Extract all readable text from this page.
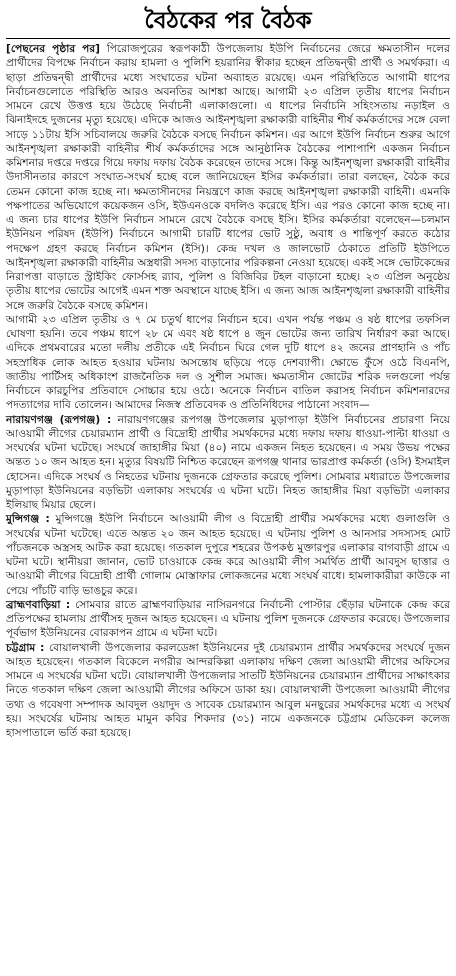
বৈঠকের পর বৈঠক

[পেছনের পৃষ্ঠার পর] পিরোজপুরের স্বরূপকাঠী উপজেলায় ইউপি নির্বাচনের জেরে ক্ষমতাসীন দলের প্রার্থীদের বিপক্ষে নির্বাচন করায় হামলা ও পুলিশি হয়রানির স্বীকার হচ্ছেন প্রতিদ্বন্দ্বী প্রার্থী ও সমর্থকরা। এ ছাড়া প্রতিদ্বন্দ্বী প্রার্থীদের মধ্যে সংঘাতের ঘটনা অব্যাহত রয়েছে। এমন পরিস্থিতিতে আগামী ধাপের নির্বাচনগুলোতে পরিস্থিতি আরও অবনতির আশঙ্কা আছে। আগামী ২৩ এপ্রিল তৃতীয় ধাপের নির্বাচন সামনে রেখে উত্তপ্ত হয়ে উঠেছে নির্বাচনী এলাকাগুলো। এ ধাপের নির্বাচনি সহিংসতায় নড়াইল ও ঝিনাইদহে দুজনের মৃত্যু হয়েছে। এদিকে আজও আইনশৃঙ্খলা রক্ষাকারী বাহিনীর শীর্ষ কর্মকর্তাদের সঙ্গে বেলা সাড়ে ১১টায় ইসি সচিবালয়ে জরুরি বৈঠকে বসছে নির্বাচন কমিশন। এর আগে ইউপি নির্বাচন শুরুর আগে আইনশৃঙ্খলা রক্ষাকারী বাহিনীর শীর্ষ কর্মকর্তাদের সঙ্গে আনুষ্ঠানিক বৈঠকের পাশাপাশি একজন নির্বাচন কমিশনার দপ্তরে দপ্তরে গিয়ে দফায় দফায় বৈঠক করেছেন তাদের সঙ্গে। কিন্তু আইনশৃঙ্খলা রক্ষাকারী বাহিনীর উদাসীনতার কারণে সংঘাত-সংঘর্ষ হচ্ছে বলে জানিয়েছেন ইসির কর্মকর্তারা। তারা বলছেন, বৈঠক করে তেমন কোনো কাজ হচ্ছে না। ক্ষমতাসীনদের নিয়ন্ত্রণে কাজ করছে আইনশৃঙ্খলা রক্ষাকারী বাহিনী। এমনকি পক্ষপাতের অভিযোগে কয়েকজন ওসি, ইউএনওকে বদলিও করেছে ইসি। এর পরও কোনো কাজ হচ্ছে না। এ জন্য চার ধাপের ইউপি নির্বাচন সামনে রেখে বৈঠকে বসছে ইসি। ইসির কর্মকর্তারা বলেছেন—চলমান ইউনিয়ন পরিষদ (ইউপি) নির্বাচনে আগামী চারটি ধাপের ভোট সুষ্ঠু, অবাধ ও শান্তিপূর্ণ করতে কঠোর পদক্ষেপ গ্রহণ করছে নির্বাচন কমিশন (ইসি)। কেন্দ্র দখল ও জালভোট ঠেকাতে প্রতিটি ইউপিতে আইনশৃঙ্খলা রক্ষাকারী বাহিনীর অস্ত্রধারী সদস্য বাড়ানোর পরিকল্পনা নেওয়া হয়েছে। একই সঙ্গে ভোটকেন্দ্রের নিরাপত্তা বাড়াতে স্ট্রাইকিং ফোর্সসহ র‍্যাব, পুলিশ ও বিজিবির টহল বাড়ানো হচ্ছে। ২৩ এপ্রিল অনুষ্ঠেয় তৃতীয় ধাপের ভোটের আগেই এমন শক্ত অবস্থানে যাচ্ছে ইসি। এ জন্য আজ আইনশৃঙ্খলা রক্ষাকারী বাহিনীর সঙ্গে জরুরি বৈঠকে বসছে কমিশন।

আগামী ২৩ এপ্রিল তৃতীয় ও ৭ মে চতুর্থ ধাপের নির্বাচন হবে। এখন পর্যন্ত পঞ্চম ও ষষ্ঠ ধাপের তফসিল ঘোষণা হয়নি। তবে পঞ্চম ধাপে ২৮ মে এবং ষষ্ঠ ধাপে ৪ জুন ভোটের জন্য তারিখ নির্ধারণ করা আছে। এদিকে প্রথমবারের মতো দলীয় প্রতীকে এই নির্বাচন ঘিরে গেল দুটি ধাপে ৪২ জনের প্রাণহানি ও পাঁচ সহস্রাধিক লোক আহত হওয়ার ঘটনায় অসন্তোষ ছড়িয়ে পড়ে দেশব্যাপী। ক্ষোভে ফুঁসে ওঠে বিএনপি, জাতীয় পার্টিসহ অধিকাংশ রাজনৈতিক দল ও সুশীল সমাজ। ক্ষমতাসীন জোটের শরিক দলগুলো পর্যন্ত নির্বাচনে কারচুপির প্রতিবাদে সোচ্চার হয়ে ওঠে। অনেকে নির্বাচন বাতিল করাসহ নির্বাচন কমিশনারদের পদত্যাগের দাবি তোলেন। আমাদের নিজস্ব প্রতিবেদক ও প্রতিনিধিদের পাঠানো সংবাদ—

নারায়ণগঞ্জ (রূপগঞ্জ) : নারায়ণগঞ্জের রূপগঞ্জ উপজেলার মুড়াপাড়া ইউপি নির্বাচনের প্রচারণা নিয়ে আওয়ামী লীগের চেয়ারম্যান প্রার্থী ও বিদ্রোহী প্রার্থীর সমর্থকদের মধ্যে দফায় দফায় ধাওয়া-পাল্টা ধাওয়া ও সংঘর্ষের ঘটনা ঘটেছে। সংঘর্ষে জাহাঙ্গীর মিয়া (৪০) নামে একজন নিহত হয়েছেন। এ সময় উভয় পক্ষের অন্তত ১০ জন আহত হন। মৃত্যুর বিষয়টি নিশ্চিত করেছেন রূপগঞ্জ থানার ভারপ্রাপ্ত কর্মকর্তা (ওসি) ইসমাইল হোসেন। এদিকে সংঘর্ষ ও নিহতের ঘটনায় দুজনকে গ্রেফতার করেছে পুলিশ। সোমবার মধ্যরাতে উপজেলার মুড়াপাড়া ইউনিয়নের বড়ভিটা এলাকায় সংঘর্ষের এ ঘটনা ঘটে। নিহত জাহাঙ্গীর মিয়া বড়ভিটা এলাকার ইলিয়াছ মিয়ার ছেলে।

মুন্সিগঞ্জ : মুন্সিগঞ্জে ইউপি নির্বাচনে আওয়ামী লীগ ও বিদ্রোহী প্রার্থীর সমর্থকদের মধ্যে গুলাগুলি ও সংঘর্ষের ঘটনা ঘটেছে। এতে অন্তত ২০ জন আহত হয়েছে। এ ঘটনায় পুলিশ ও আনসার সদস্যসহ মোট পাঁচজনকে অস্ত্রসহ আটক করা হয়েছে। গতকাল দুপুরে শহরের উপকণ্ঠ মুক্তারপুর এলাকার বাগবাড়ী গ্রামে এ ঘটনা ঘটে। স্থানীয়রা জানান, ভোট চাওয়াকে কেন্দ্র করে আওয়ামী লীগ সমর্থিত প্রার্থী আবদুস ছাত্তার ও আওয়ামী লীগের বিদ্রোহী প্রার্থী গোলাম মোস্তাফার লোকজনের মধ্যে সংঘর্ষ বাধে। হামলাকারীরা কাউকে না পেয়ে পাঁচটি বাড়ি ভাঙচুর করে।

ব্রাহ্মণবাড়িয়া : সোমবার রাতে ব্রাহ্মণবাড়িয়ার নাসিরনগরে নির্বাচনী পোস্টার ছেঁড়ার ঘটনাকে কেন্দ্র করে প্রতিপক্ষের হামলায় প্রার্থীসহ দুজন আহত হয়েছেন। এ ঘটনায় পুলিশ দুজনকে গ্রেফতার করেছে। উপজেলার পূর্বভাগ ইউনিয়নের বোরকাপন গ্রামে এ ঘটনা ঘটে।

চট্টগ্রাম : বোয়ালখালী উপজেলার করলডেঙ্গা ইউনিয়নের দুই চেয়ারম্যান প্রার্থীর সমর্থকদের সংঘর্ষে দুজন আহত হয়েছেন। গতকাল বিকেলে নগরীর আন্দরকিল্লা এলাকায় দক্ষিণ জেলা আওয়ামী লীগের অফিসের সামনে এ সংঘর্ষের ঘটনা ঘটে। বোয়ালখালী উপজেলার সাতটি ইউনিয়নের চেয়ারম্যান প্রার্থীদের সাক্ষাৎকার নিতে গতকাল দক্ষিণ জেলা আওয়ামী লীগের অফিসে ডাকা হয়। বোয়ালখালী উপজেলা আওয়ামী লীগের তথ্য ও গবেষণা সম্পাদক আবদুল ওয়াদুদ ও সাবেক চেয়ারম্যান আবুল মনছুরের সমর্থকদের মধ্যে এ সংঘর্ষ হয়। সংঘর্ষের ঘটনায় আহত মামুন কবির শিকদার (৩১) নামে একজনকে চট্টগ্রাম মেডিকেল কলেজ হাসপাতালে ভর্তি করা হয়েছে।
